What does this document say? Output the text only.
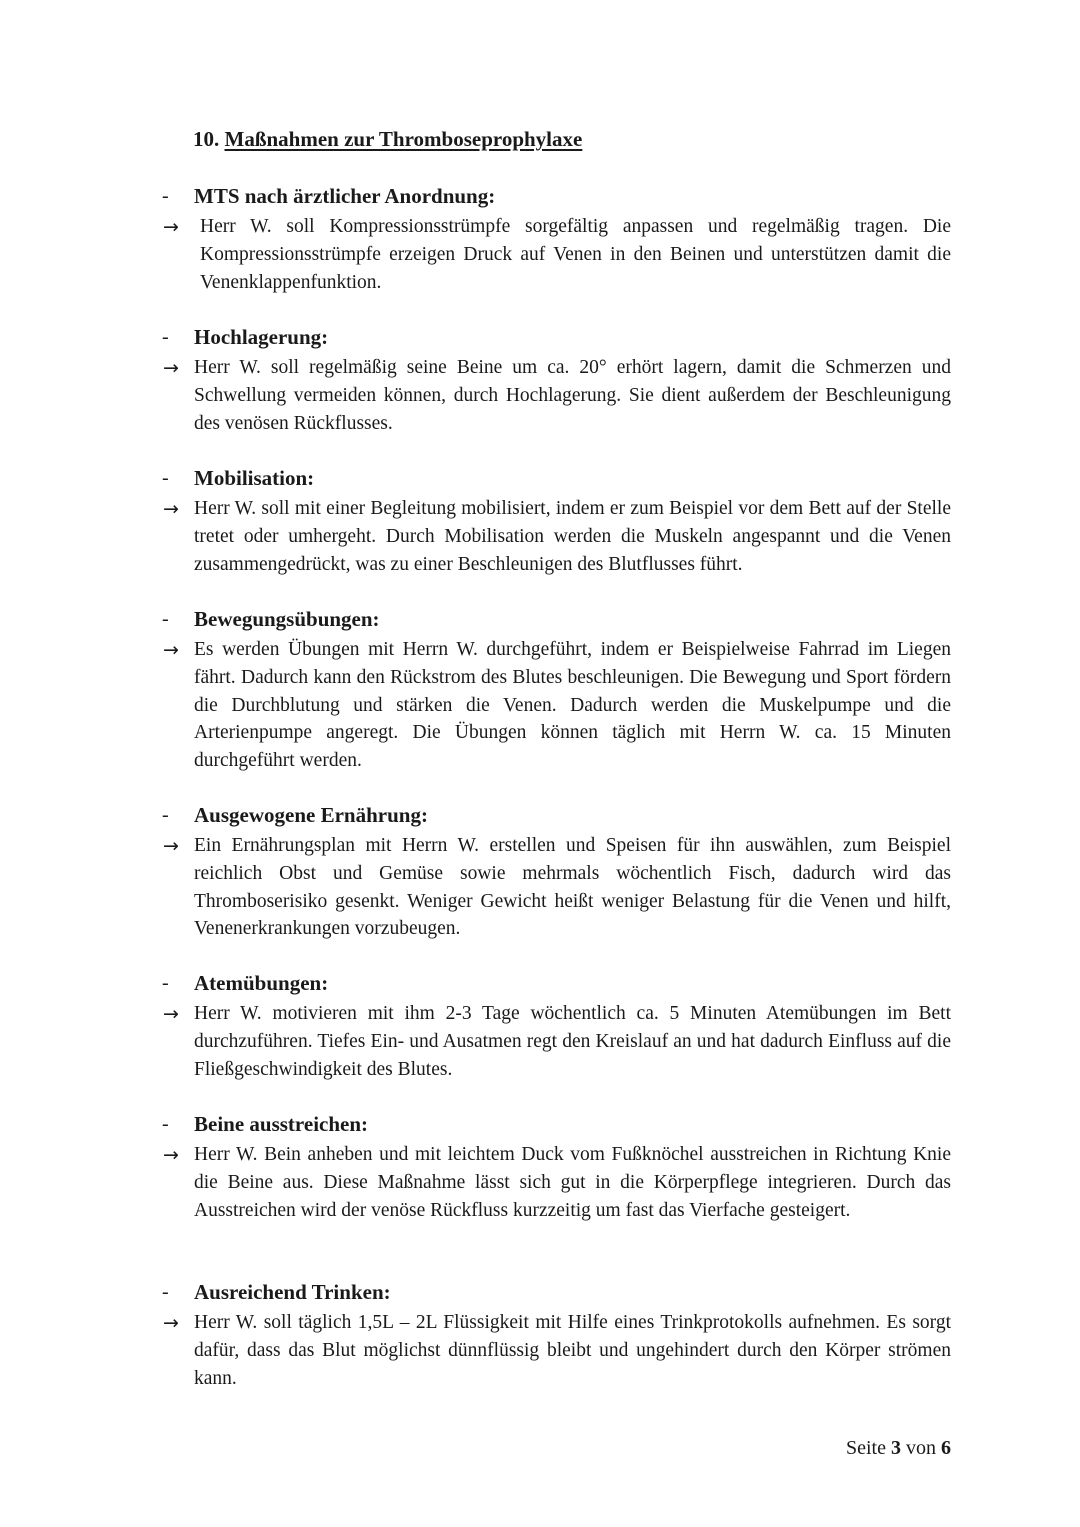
10. Maßnahmen zur Thromboseprophylaxe
- MTS nach ärztlicher Anordnung:
→ Herr W. soll Kompressionsstrümpfe sorgefältig anpassen und regelmäßig tragen. Die Kompressionsstrümpfe erzeigen Druck auf Venen in den Beinen und unterstützen damit die Venenklappenfunktion.
- Hochlagerung:
→ Herr W. soll regelmäßig seine Beine um ca. 20° erhört lagern, damit die Schmerzen und Schwellung vermeiden können, durch Hochlagerung. Sie dient außerdem der Beschleunigung des venösen Rückflusses.
- Mobilisation:
→ Herr W. soll mit einer Begleitung mobilisiert, indem er zum Beispiel vor dem Bett auf der Stelle tretet oder umhergeht. Durch Mobilisation werden die Muskeln angespannt und die Venen zusammengedrückt, was zu einer Beschleunigen des Blutflusses führt.
- Bewegungsübungen:
→ Es werden Übungen mit Herrn W. durchgeführt, indem er Beispielweise Fahrrad im Liegen fährt. Dadurch kann den Rückstrom des Blutes beschleunigen. Die Bewegung und Sport fördern die Durchblutung und stärken die Venen. Dadurch werden die Muskelpumpe und die Arterienpumpe angeregt. Die Übungen können täglich mit Herrn W. ca. 15 Minuten durchgeführt werden.
- Ausgewogene Ernährung:
→ Ein Ernährungsplan mit Herrn W. erstellen und Speisen für ihn auswählen, zum Beispiel reichlich Obst und Gemüse sowie mehrmals wöchentlich Fisch, dadurch wird das Thromboserisiko gesenkt. Weniger Gewicht heißt weniger Belastung für die Venen und hilft, Venenerkrankungen vorzubeugen.
- Atemübungen:
→ Herr W. motivieren mit ihm 2-3 Tage wöchentlich ca. 5 Minuten Atemübungen im Bett durchzuführen. Tiefes Ein- und Ausatmen regt den Kreislauf an und hat dadurch Einfluss auf die Fließgeschwindigkeit des Blutes.
- Beine ausstreichen:
→ Herr W. Bein anheben und mit leichtem Duck vom Fußknöchel ausstreichen in Richtung Knie die Beine aus. Diese Maßnahme lässt sich gut in die Körperpflege integrieren. Durch das Ausstreichen wird der venöse Rückfluss kurzzeitig um fast das Vierfache gesteigert.
- Ausreichend Trinken:
→ Herr W. soll täglich 1,5L – 2L Flüssigkeit mit Hilfe eines Trinkprotokolls aufnehmen. Es sorgt dafür, dass das Blut möglichst dünnflüssig bleibt und ungehindert durch den Körper strömen kann.
Seite 3 von 6
